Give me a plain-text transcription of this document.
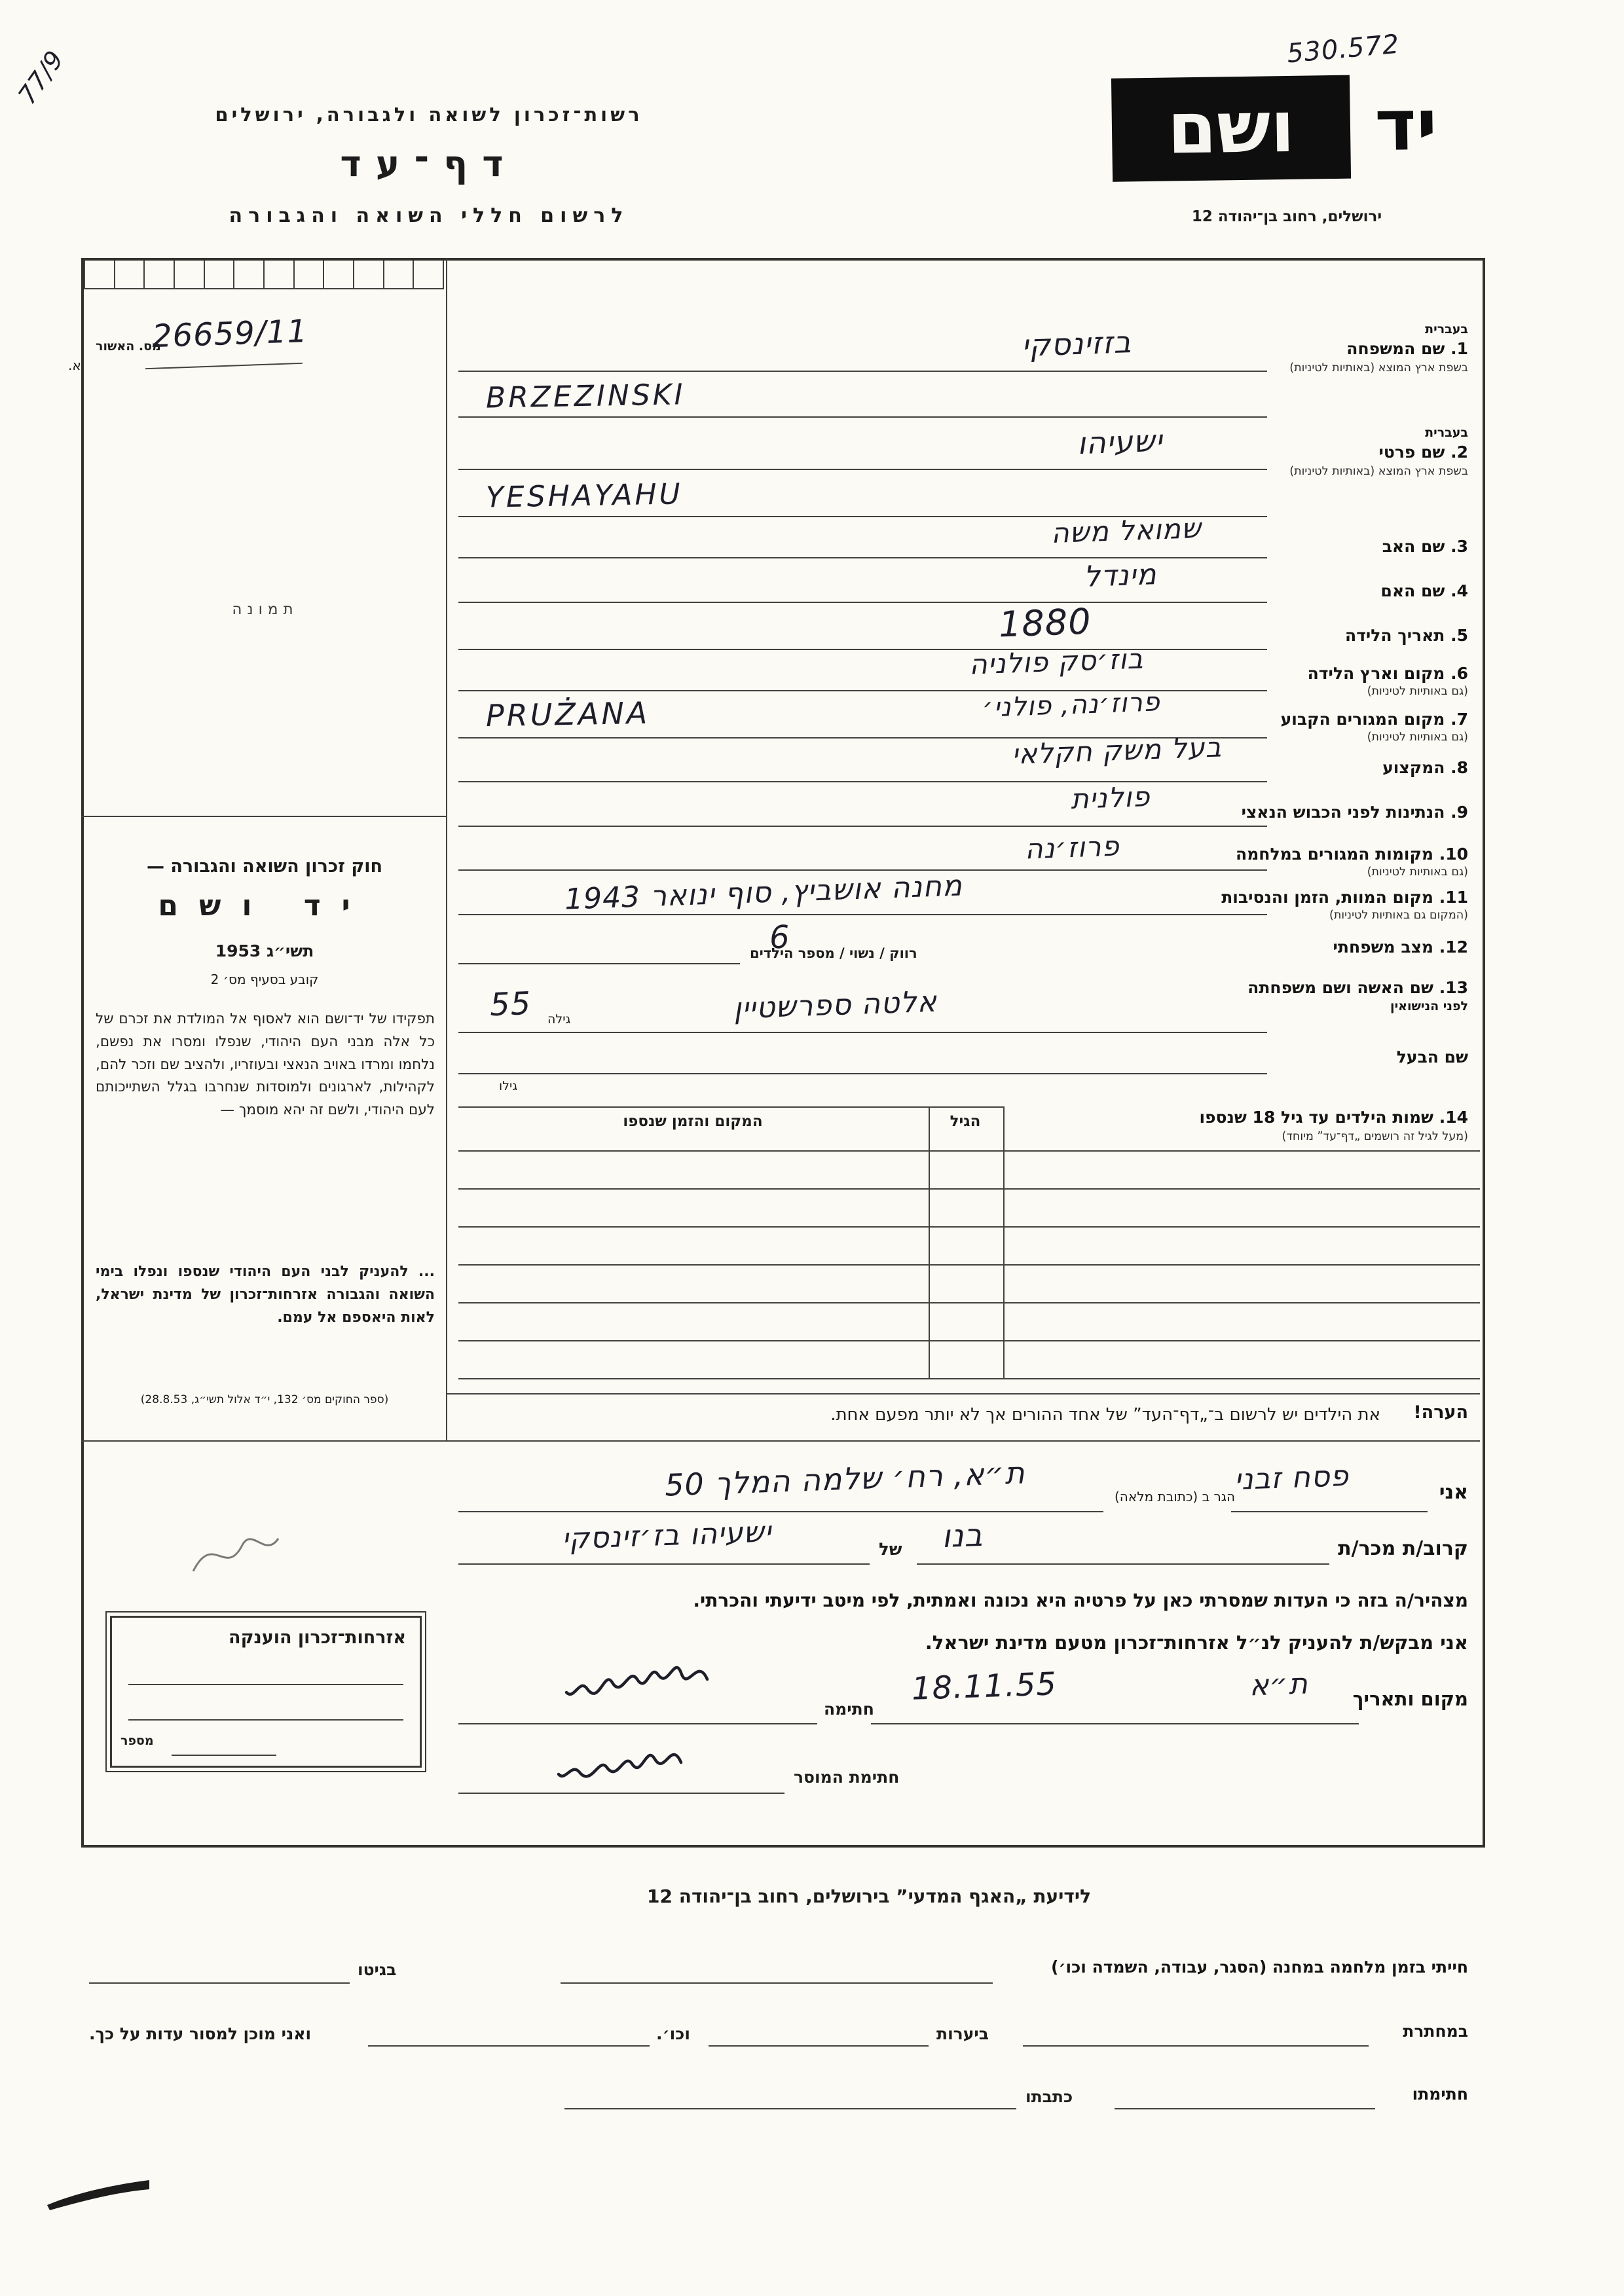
77/9	530.572
רשות־זכרון לשואה ולגבורה, ירושלים
דף־עד
לרשום חללי השואה והגבורה
יד
ושם
ירושלים, רחוב בן־יהודה 12
תמונה
מס. האשור
26659/11
א.
חוק זכרון השואה והגבורה —
יד ושם
תשי״ג 1953
קובע בסעיף מס׳ 2
תפקידו של יד־ושם הוא לאסוף אל המולדת את זכרם של כל אלה מבני העם היהודי, שנפלו ומסרו את נפשם, נלחמו ומרדו באויב הנאצי ובעוזריו, ולהציב שם וזכר להם, לקהילות, לארגונים ולמוסדות שנחרבו בגלל השתייכותם לעם היהודי, ולשם זה יהא מוסמך —
... להעניק לבני העם היהודי שנספו ונפלו בימי השואה והגבורה אזרחות־זכרון של מדינת ישראל, לאות היאספם אל עמם.
(ספר החוקים מס׳ 132, י״ד אלול תשי״ג, 28.8.53)
בעברית
1. שם המשפחה
בשפת ארץ המוצא (באותיות לטיניות)
בזזינסקי
BRZEZINSKI
בעברית
2. שם פרטי
בשפת ארץ המוצא (באותיות לטיניות)
ישעיהו
YESHAYAHU
3. שם האב
שמואל משה
4. שם האם
מינדל
5. תאריך הלידה
1880
6. מקום וארץ הלידה
(גם באותיות לטיניות)
בוז׳סק פולניה
7. מקום המגורים הקבוע
(גם באותיות לטיניות)
פרוז׳נה, פולני׳
PRUŻANA
8. המקצוע
בעל משק חקלאי
9. הנתינות לפני הכבוש הנאצי
פולנית
10. מקומות המגורים במלחמה
(גם באותיות לטיניות)
פרוז׳נה
11. מקום המוות, הזמן והנסיבות
(המקום גם באותיות לטיניות)
מחנה אושביץ, סוף ינואר 1943
12. מצב משפחתי
רווק / נשוי / מספר הילדים
6
13. שם האשה ושם משפחתה
לפני הנישואין
אלטה ספרשטיין
גילה
55
שם הבעל
גילו
14. שמות הילדים עד גיל 18 שנספו
(מעל לגיל זה רושמים „דף־עד” מיוחד)
המקום והזמן שנספו	הגיל
הערה!
את הילדים יש לרשום ב־„דף־העד” של אחד ההורים אך לא יותר מפעם אחת.
אני
פסח זבני
הגר ב (כתובת מלאה)
ת״א, רח׳ שלמה המלך 50
קרוב/ת מכר/ת
בנו
של
ישעיהו בז׳זינסקי
מצהיר/ה בזה כי העדות שמסרתי כאן על פרטיה היא נכונה ואמתית, לפי מיטב ידיעתי והכרתי.
אני מבקש/ת להעניק לנ״ל אזרחות־זכרון מטעם מדינת ישראל.
מקום ותאריך
ת״א
18.11.55
חתימה
חתימת המוסר
אזרחות־זכרון הוענקה
מספר
לידיעת „האגף המדעי” בירושלים, רחוב בן־יהודה 12
חייתי בזמן מלחמה במחנה (הסגר, עבודה, השמדה וכו׳)
בגיטו
במחתרת
ביערות
וכו׳.
ואני מוכן למסור עדות על כך.
חתימתו
כתבתו
